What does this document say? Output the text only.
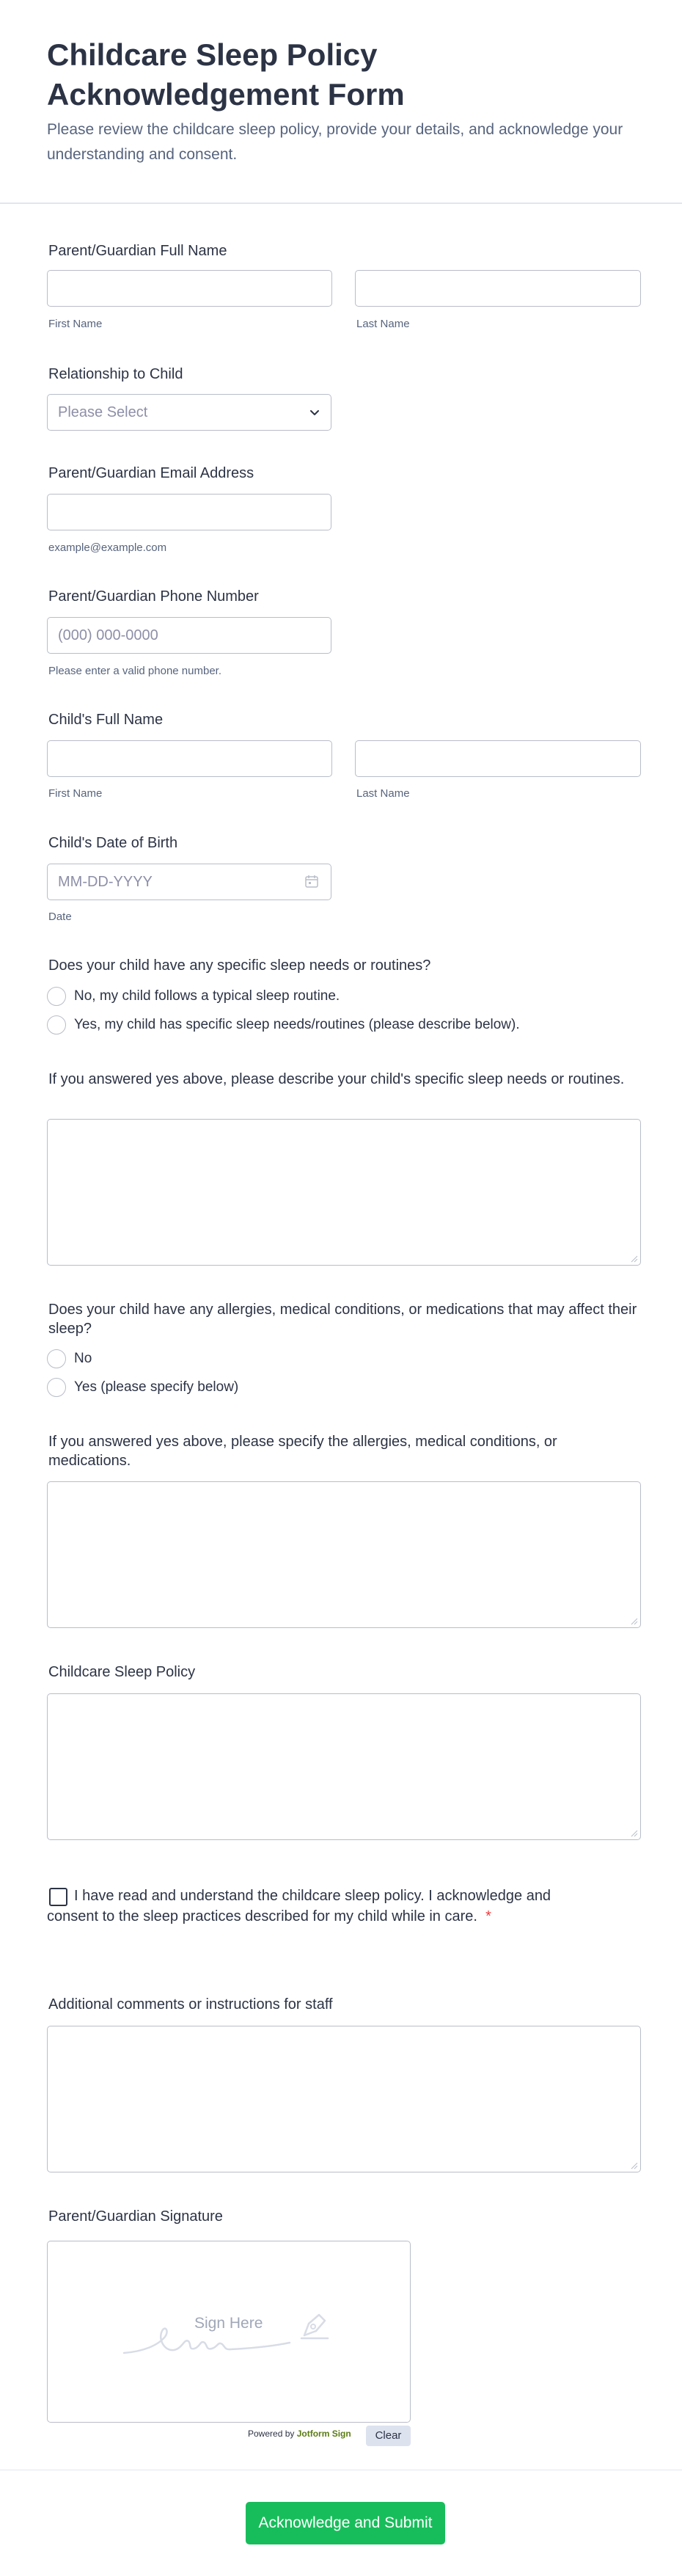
Childcare Sleep Policy Acknowledgement Form

Please review the childcare sleep policy, provide your details, and acknowledge your understanding and consent.

Parent/Guardian Full Name
First Name	Last Name
Relationship to Child
Please Select
Parent/Guardian Email Address
example@example.com
Parent/Guardian Phone Number
(000) 000-0000
Please enter a valid phone number.
Child's Full Name
First Name	Last Name
Child's Date of Birth
MM-DD-YYYY
Date
Does your child have any specific sleep needs or routines?
No, my child follows a typical sleep routine.
Yes, my child has specific sleep needs/routines (please describe below).
If you answered yes above, please describe your child's specific sleep needs or routines.
Does your child have any allergies, medical conditions, or medications that may affect their sleep?
No
Yes (please specify below)
If you answered yes above, please specify the allergies, medical conditions, or medications.
Childcare Sleep Policy
I have read and understand the childcare sleep policy. I acknowledge and consent to the sleep practices described for my child while in care. *
Additional comments or instructions for staff
Parent/Guardian Signature
Sign Here
Powered by Jotform Sign	Clear
Acknowledge and Submit
